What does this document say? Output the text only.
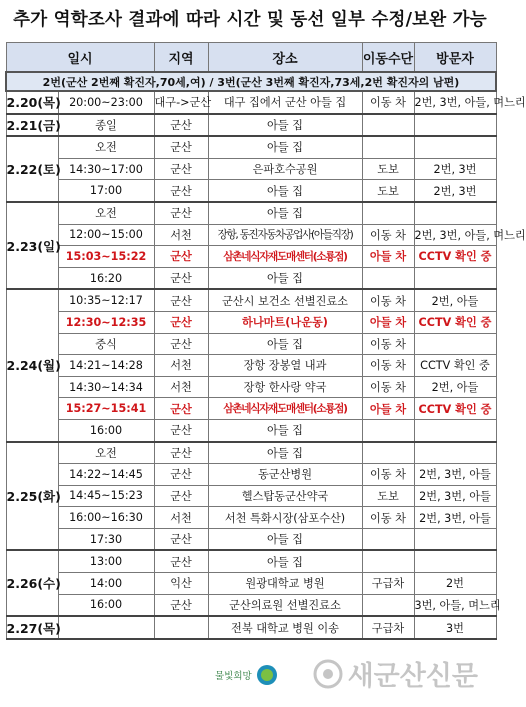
추가 역학조사 결과에 따라 시간 및 동선 일부 수정/보완 가능
일시		지역	장소	이동수단	방문자
2번(군산 2번째 확진자,70세,여) / 3번(군산 3번째 확진자,73세,2번 확진자의 남편)					
2.20(목)	20:00~23:00	대구->군산	대구 집에서 군산 아들 집	이동 차	2번, 3번, 아들, 며느리
2.21(금)	종일	군산	아들 집		
2.22(토)	오전	군산	아들 집		
	14:30~17:00	군산	은파호수공원	도보	2번, 3번
	17:00	군산	아들 집	도보	2번, 3번
2.23(일)	오전	군산	아들 집		
	12:00~15:00	서천	장항, 동진자동차공업사(아들직장)	이동 차	2번, 3번, 아들, 며느리
	15:03~15:22	군산	삼촌네식자재도매센터(소룡점)	아들 차	CCTV 확인 중
	16:20	군산	아들 집		
2.24(월)	10:35~12:17	군산	군산시 보건소 선별진료소	이동 차	2번, 아들
	12:30~12:35	군산	하나마트(나운동)	아들 차	CCTV 확인 중
	중식	군산	아들 집	이동 차	
	14:21~14:28	서천	장항 장봉열 내과	이동 차	CCTV 확인 중
	14:30~14:34	서천	장항 한사랑 약국	이동 차	2번, 아들
	15:27~15:41	군산	삼촌네식자재도매센터(소룡점)	아들 차	CCTV 확인 중
	16:00	군산	아들 집		
2.25(화)	오전	군산	아들 집		
	14:22~14:45	군산	동군산병원	이동 차	2번, 3번, 아들
	14:45~15:23	군산	헬스탑동군산약국	도보	2번, 3번, 아들
	16:00~16:30	서천	서천 특화시장(삼포수산)	이동 차	2번, 3번, 아들
	17:30	군산	아들 집		
2.26(수)	13:00	군산	아들 집		
	14:00	익산	원광대학교 병원	구급차	2번
	16:00	군산	군산의료원 선별진료소		3번, 아들, 며느리
2.27(목)			전북 대학교 병원 이송	구급차	3번
물빛희망	새군산신문
